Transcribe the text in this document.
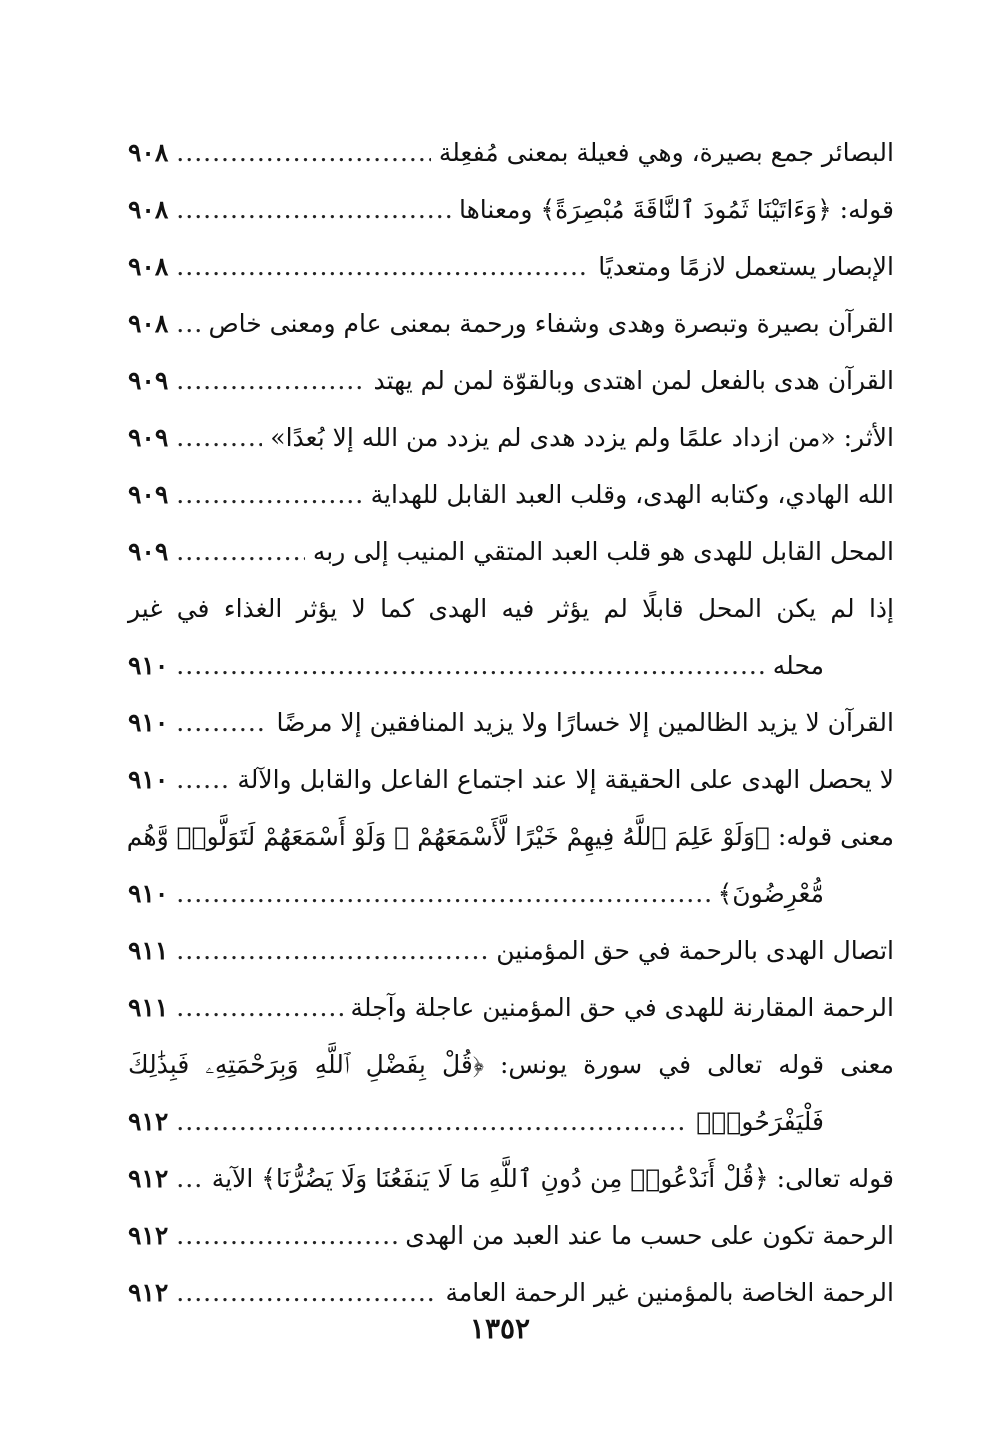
البصائر جمع بصيرة، وهي فعيلة بمعنى مُفعِلة
.....
٩٠٨
قوله: ﴿وَءَاتَيْنَا ثَمُودَ ٱلنَّاقَةَ مُبْصِرَةً﴾ ومعناها
.....
٩٠٨
الإبصار يستعمل لازمًا ومتعديًا
.....
٩٠٨
القرآن بصيرة وتبصرة وهدى وشفاء ورحمة بمعنى عام ومعنى خاص
.....
٩٠٨
القرآن هدى بالفعل لمن اهتدى وبالقوّة لمن لم يهتد
.....
٩٠٩
الأثر: «من ازداد علمًا ولم يزدد هدى لم يزدد من الله إلا بُعدًا»
.....
٩٠٩
الله الهادي، وكتابه الهدى، وقلب العبد القابل للهداية
.....
٩٠٩
المحل القابل للهدى هو قلب العبد المتقي المنيب إلى ربه
.....
٩٠٩
إذا لم يكن المحل قابلًا لم يؤثر فيه الهدى كما لا يؤثر الغذاء في غير
محله
.....
٩١٠
القرآن لا يزيد الظالمين إلا خسارًا ولا يزيد المنافقين إلا مرضًا
.....
٩١٠
لا يحصل الهدى على الحقيقة إلا عند اجتماع الفاعل والقابل والآلة
.....
٩١٠
معنى قوله: ﴿وَلَوْ عَلِمَ ٱللَّهُ فِيهِمْ خَيْرًا لَّأَسْمَعَهُمْ ۖ وَلَوْ أَسْمَعَهُمْ لَتَوَلَّوا۟ وَّهُم
مُّعْرِضُونَ﴾
.....
٩١٠
اتصال الهدى بالرحمة في حق المؤمنين
.....
٩١١
الرحمة المقارنة للهدى في حق المؤمنين عاجلة وآجلة
.....
٩١١
معنى قوله تعالى في سورة يونس: ﴿قُلْ بِفَضْلِ ٱللَّهِ وَبِرَحْمَتِهِۦ فَبِذَٰلِكَ
فَلْيَفْرَحُوا۟﴾
.....
٩١٢
قوله تعالى: ﴿قُلْ أَنَدْعُوا۟ مِن دُونِ ٱللَّهِ مَا لَا يَنفَعُنَا وَلَا يَضُرُّنَا﴾ الآية
.....
٩١٢
الرحمة تكون على حسب ما عند العبد من الهدى
.....
٩١٢
الرحمة الخاصة بالمؤمنين غير الرحمة العامة
.....
٩١٢
١٣٥٢
